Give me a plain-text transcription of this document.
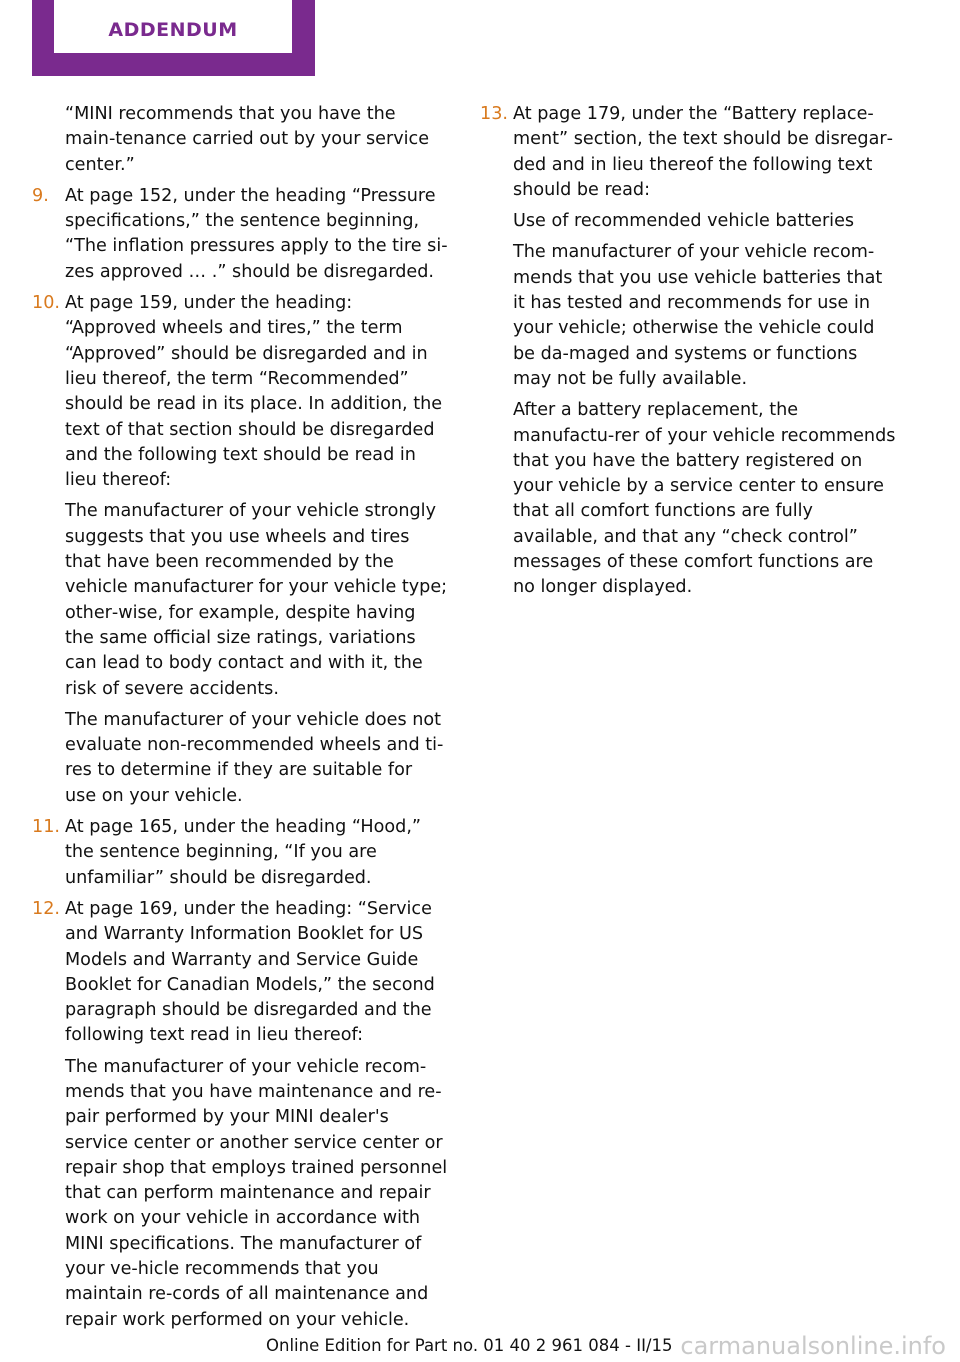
ADDENDUM

“MINI recommends that you have the main‐tenance carried out by your service center.”

9. At page 152, under the heading “Pressure specifications,” the sentence beginning, “The inflation pressures apply to the tire si‐zes approved … .” should be disregarded.

10. At page 159, under the heading: “Approved wheels and tires,” the term “Approved” should be disregarded and in lieu thereof, the term “Recommended” should be read in its place. In addition, the text of that section should be disregarded and the following text should be read in lieu thereof:

The manufacturer of your vehicle strongly suggests that you use wheels and tires that have been recommended by the vehicle manufacturer for your vehicle type; other‐wise, for example, despite having the same official size ratings, variations can lead to body contact and with it, the risk of severe accidents.

The manufacturer of your vehicle does not evaluate non-recommended wheels and ti‐res to determine if they are suitable for use on your vehicle.

11. At page 165, under the heading “Hood,” the sentence beginning, “If you are unfamiliar” should be disregarded.

12. At page 169, under the heading: “Service and Warranty Information Booklet for US Models and Warranty and Service Guide Booklet for Canadian Models,” the second paragraph should be disregarded and the following text read in lieu thereof:

The manufacturer of your vehicle recom‐mends that you have maintenance and re‐pair performed by your MINI dealer's service center or another service center or repair shop that employs trained personnel that can perform maintenance and repair work on your vehicle in accordance with MINI specifications. The manufacturer of your ve‐hicle recommends that you maintain re‐cords of all maintenance and repair work performed on your vehicle.

13. At page 179, under the “Battery replace‐ment” section, the text should be disregar‐ded and in lieu thereof the following text should be read:

Use of recommended vehicle batteries

The manufacturer of your vehicle recom‐mends that you use vehicle batteries that it has tested and recommends for use in your vehicle; otherwise the vehicle could be da‐maged and systems or functions may not be fully available.

After a battery replacement, the manufactu‐rer of your vehicle recommends that you have the battery registered on your vehicle by a service center to ensure that all comfort functions are fully available, and that any “check control” messages of these comfort functions are no longer displayed.

Online Edition for Part no. 01 40 2 961 084 - II/15 carmanualsonline.info
